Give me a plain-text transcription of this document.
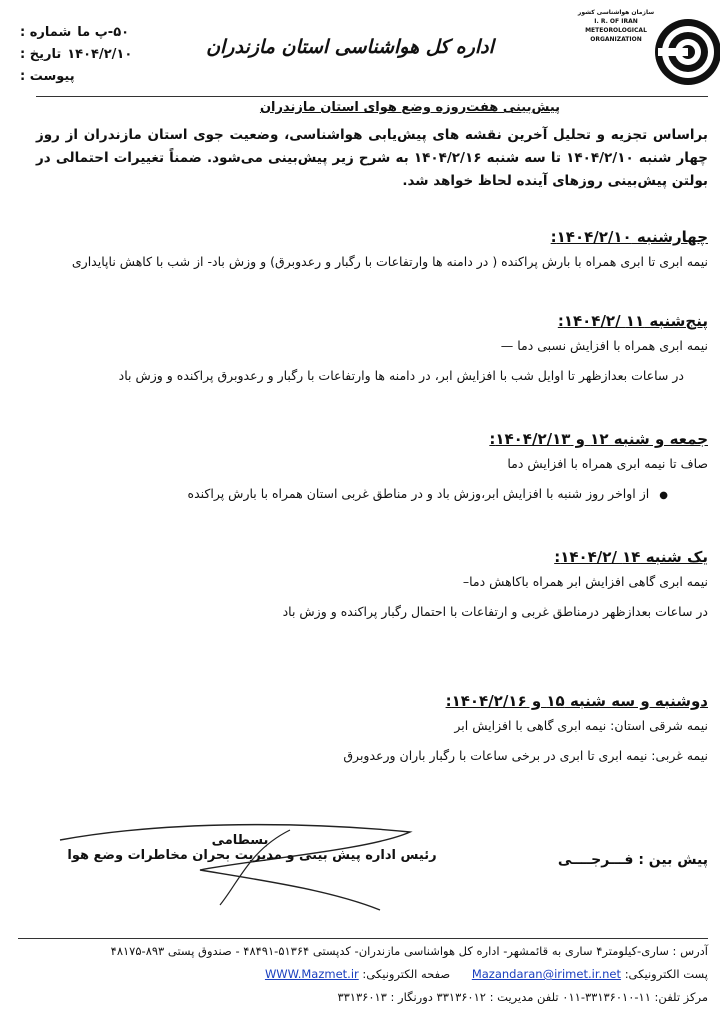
سازمان هواشناسی کشور
I. R. OF IRAN
METEOROLOGICAL
ORGANIZATION
اداره کل هواشناسی استان مازندران
شماره : ۵۰-پ ما
تاریخ : ۱۴۰۴/۲/۱۰
پیوست :
پیش‌بینی هفت‌روزه وضع هوای استان مازندران
براساس تجزیه و تحلیل آخرین نقشه های پیش‌یابی هواشناسی، وضعیت جوی استان مازندران از روز چهار شنبه ۱۴۰۴/۲/۱۰ تا سه شنبه ۱۴۰۴/۲/۱۶ به شرح زیر پیش‌بینی می‌شود. ضمناً تغییرات احتمالی در بولتن پیش‌بینی روزهای آینده لحاظ خواهد شد.
چهارشنبه ۱۴۰۴/۲/۱۰:
نیمه ابری تا ابری همراه با بارش پراکنده ( در دامنه ها وارتفاعات با رگبار و رعدوبرق) و وزش باد- از شب با کاهش ناپایداری
پنج‌شنبه ۱۱ /۱۴۰۴/۲:
نیمه ابری همراه با افزایش نسبی دما —
در ساعات بعدازظهر تا اوایل شب با افزایش ابر، در دامنه ها وارتفاعات با رگبار و رعدوبرق پراکنده و وزش باد
جمعه و شنبه ۱۲ و ۱۴۰۴/۲/۱۳:
صاف تا نیمه ابری همراه با افزایش دما
● از اواخر روز شنبه با افزایش ابر،وزش باد و در مناطق غربی استان همراه با بارش پراکنده
یک شنبه ۱۴ /۱۴۰۴/۲:
نیمه ابری گاهی افزایش ابر همراه باکاهش دما–
در ساعات بعدازظهر درمناطق غربی و ارتفاعات با احتمال رگبار پراکنده و وزش باد
دوشنبه و سه شنبه ۱۵ و ۱۴۰۴/۲/۱۶:
نیمه شرقی استان: نیمه ابری گاهی با افزایش ابر
نیمه غربی: نیمه ابری تا ابری در برخی ساعات با رگبار باران ورعدوبرق
بسطامی
رئیس اداره پیش بینی و مدیریت بحران مخاطرات وضع هوا	پیش بین : فـــرجــــی
آدرس : ساری-کیلومتر۴ ساری به قائمشهر- اداره کل هواشناسی مازندران- کدپستی ۵۱۳۶۴-۴۸۴۹۱ - صندوق پستی ۸۹۳-۴۸۱۷۵
پست الکترونیکی: Mazandaran@irimet.ir.net صفحه الکترونیکی: WWW.Mazmet.ir
مرکز تلفن: ۱۱-۳۳۱۳۶۰۱۰-۰۱۱ تلفن مدیریت : ۳۳۱۳۶۰۱۲ دورنگار : ۳۳۱۳۶۰۱۳
